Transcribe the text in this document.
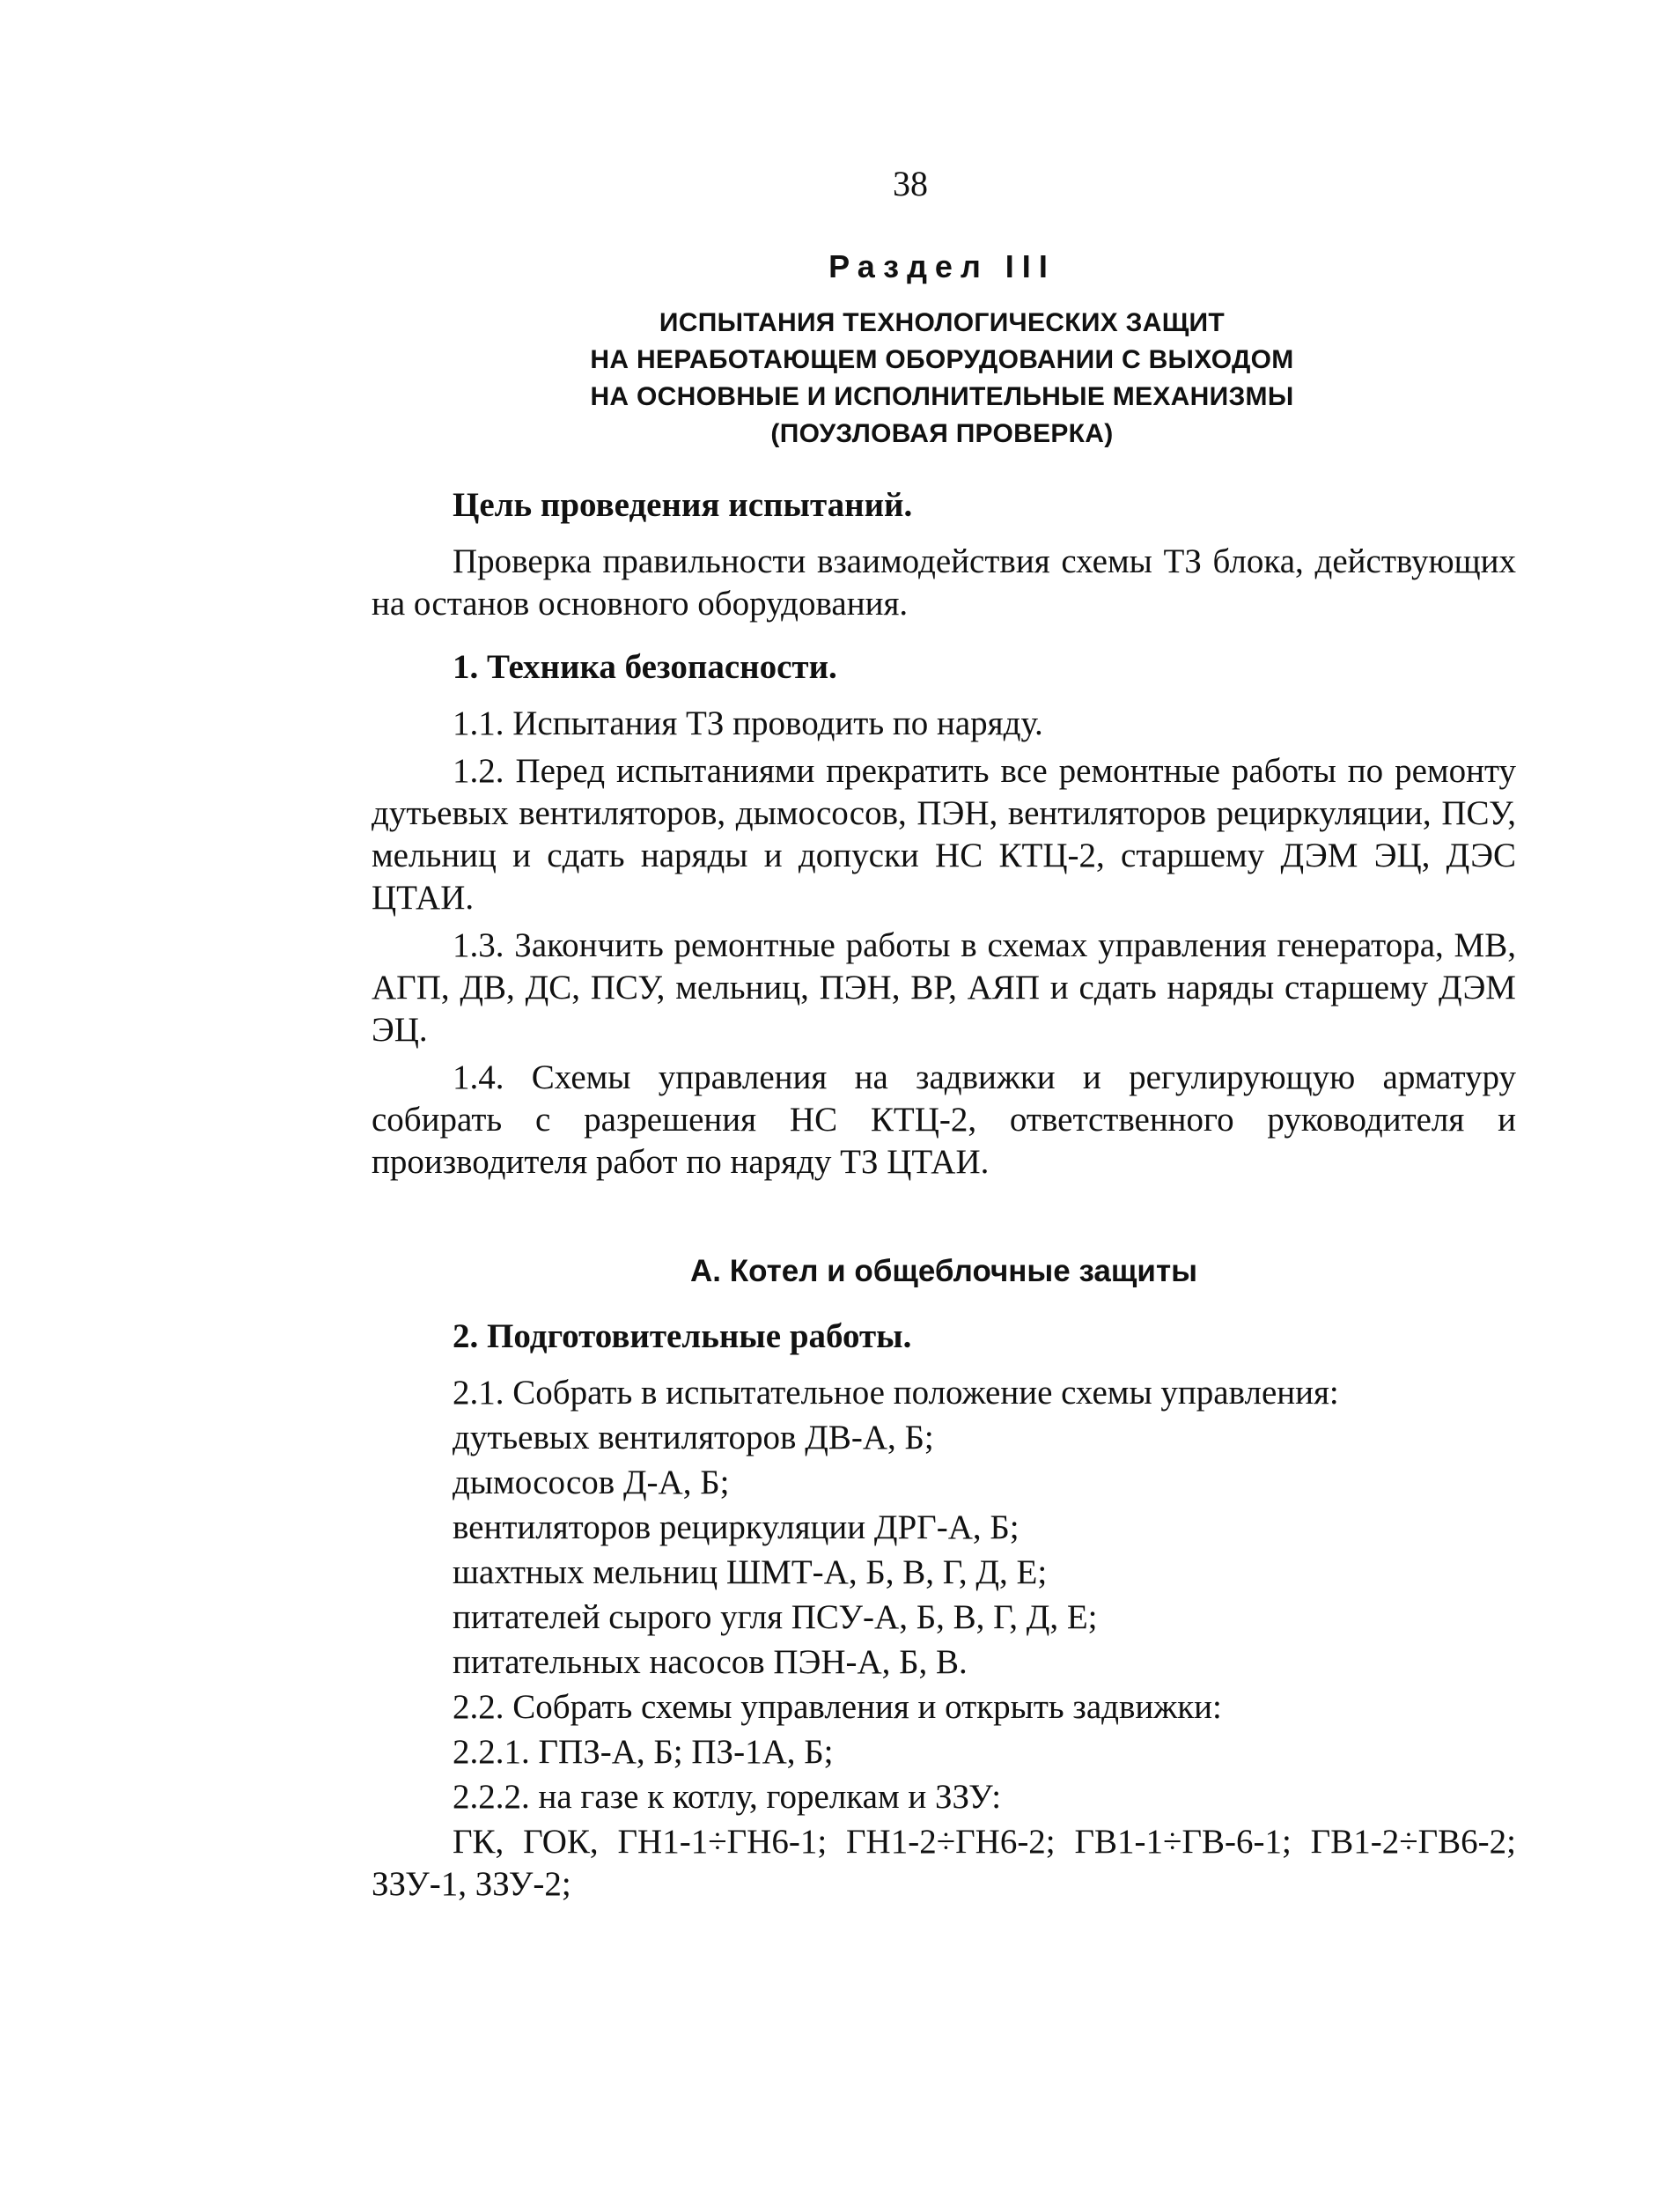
38
Раздел III
ИСПЫТАНИЯ ТЕХНОЛОГИЧЕСКИХ ЗАЩИТ
НА НЕРАБОТАЮЩЕМ ОБОРУДОВАНИИ С ВЫХОДОМ
НА ОСНОВНЫЕ И ИСПОЛНИТЕЛЬНЫЕ МЕХАНИЗМЫ
(ПОУЗЛОВАЯ ПРОВЕРКА)
Цель проведения испытаний.

Проверка правильности взаимодействия схемы ТЗ блока, действующих на останов основного оборудования.

1. Техника безопасности.

1.1. Испытания ТЗ проводить по наряду.

1.2. Перед испытаниями прекратить все ремонтные работы по ремонту дутьевых вентиляторов, дымососов, ПЭН, вентиляторов рециркуляции, ПСУ, мельниц и сдать наряды и допуски НС КТЦ-2, старшему ДЭМ ЭЦ, ДЭС ЦТАИ.

1.3. Закончить ремонтные работы в схемах управления генератора, МВ, АГП, ДВ, ДС, ПСУ, мельниц, ПЭН, ВР, АЯП и сдать наряды старшему ДЭМ ЭЦ.

1.4. Схемы управления на задвижки и регулирующую арматуру собирать с разрешения НС КТЦ-2, ответственного руководителя и производителя работ по наряду ТЗ ЦТАИ.

А. Котел и общеблочные защиты
2. Подготовительные работы.
2.1. Собрать в испытательное положение схемы управления:
дутьевых вентиляторов ДВ-А, Б;
дымососов Д-А, Б;
вентиляторов рециркуляции ДРГ-А, Б;
шахтных мельниц ШМТ-А, Б, В, Г, Д, Е;
питателей сырого угля ПСУ-А, Б, В, Г, Д, Е;
питательных насосов ПЭН-А, Б, В.
2.2. Собрать схемы управления и открыть задвижки:
2.2.1. ГПЗ-А, Б; ПЗ-1А, Б;
2.2.2. на газе к котлу, горелкам и ЗЗУ:

ГК, ГОК, ГН1-1÷ГН6-1; ГН1-2÷ГН6-2; ГВ1-1÷ГВ-6-1; ГВ1-2÷ГВ6-2; ЗЗУ-1, ЗЗУ-2;
